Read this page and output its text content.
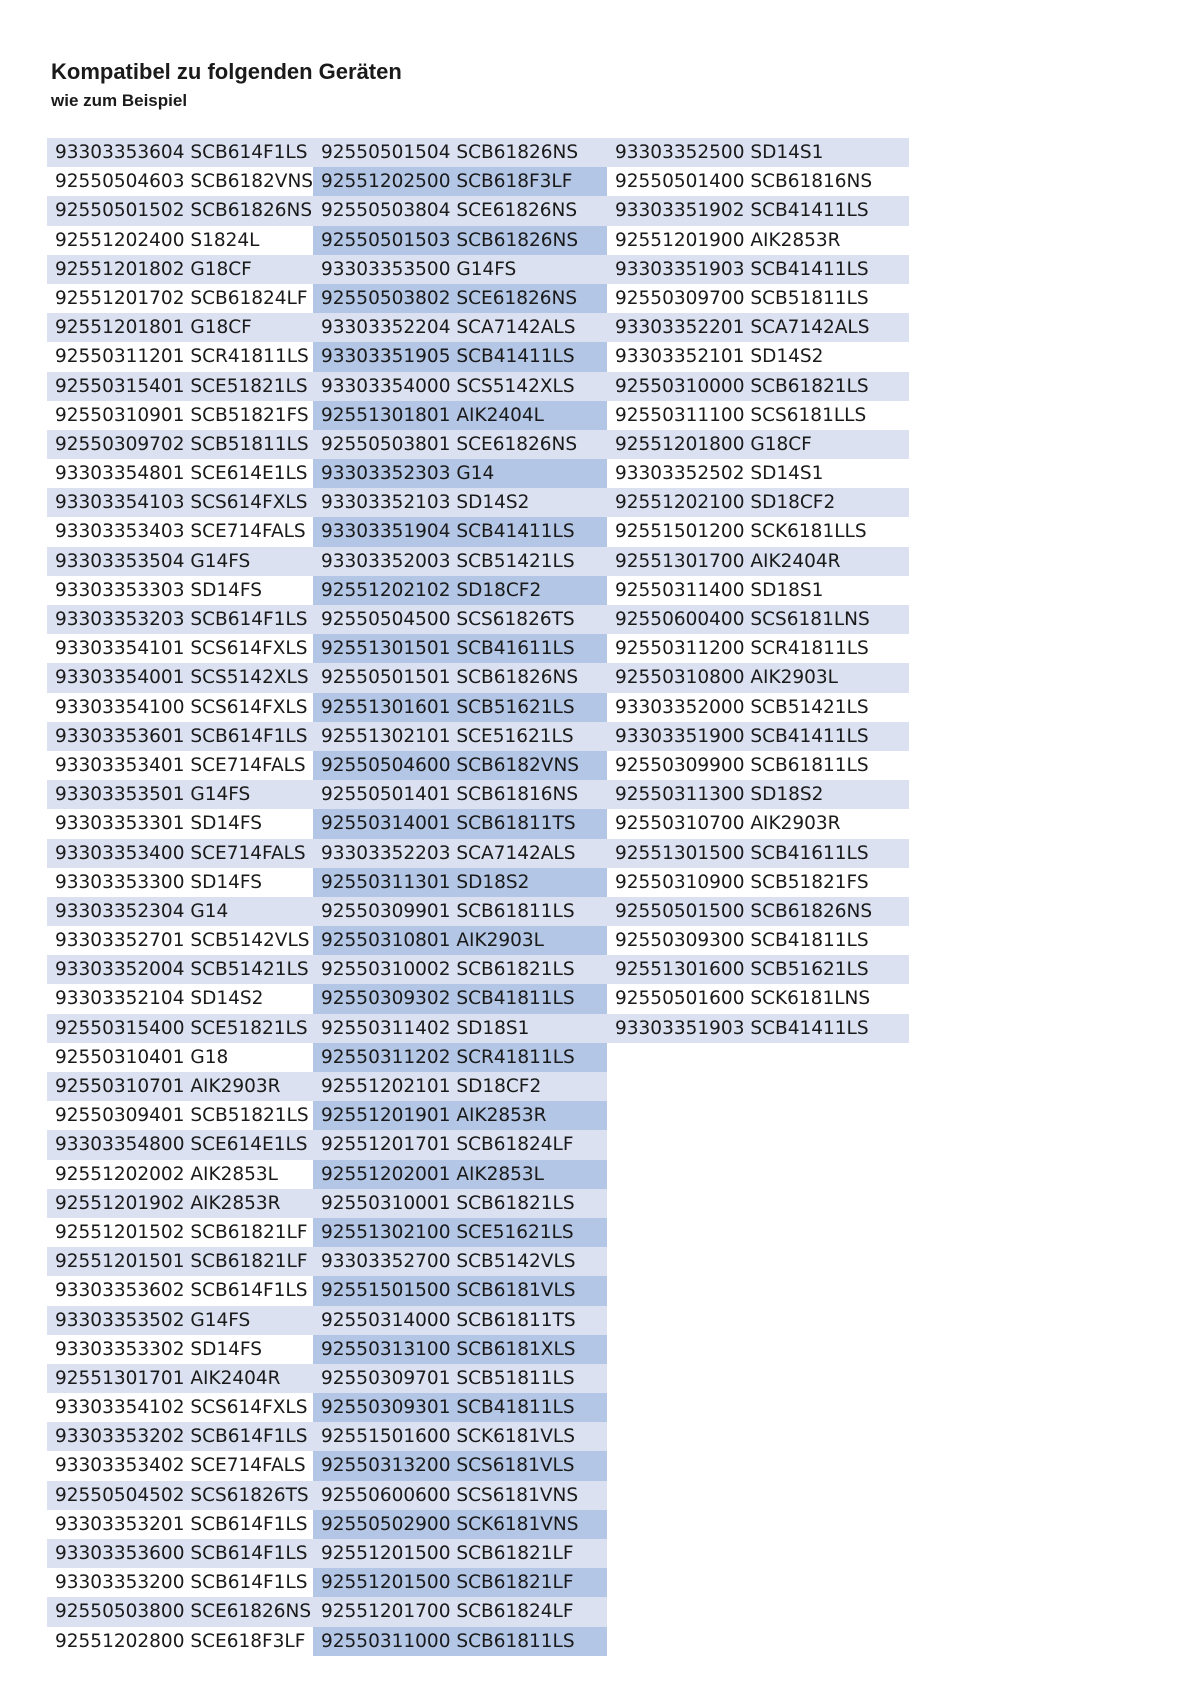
Kompatibel zu folgenden Geräten
wie zum Beispiel
93303353604 SCB614F1LS
92550504603 SCB6182VNS
92550501502 SCB61826NS
92551202400 S1824L
92551201802 G18CF
92551201702 SCB61824LF
92551201801 G18CF
92550311201 SCR41811LS
92550315401 SCE51821LS
92550310901 SCB51821FS
92550309702 SCB51811LS
93303354801 SCE614E1LS
93303354103 SCS614FXLS
93303353403 SCE714FALS
93303353504 G14FS
93303353303 SD14FS
93303353203 SCB614F1LS
93303354101 SCS614FXLS
93303354001 SCS5142XLS
93303354100 SCS614FXLS
93303353601 SCB614F1LS
93303353401 SCE714FALS
93303353501 G14FS
93303353301 SD14FS
93303353400 SCE714FALS
93303353300 SD14FS
93303352304 G14
93303352701 SCB5142VLS
93303352004 SCB51421LS
93303352104 SD14S2
92550315400 SCE51821LS
92550310401 G18
92550310701 AIK2903R
92550309401 SCB51821LS
93303354800 SCE614E1LS
92551202002 AIK2853L
92551201902 AIK2853R
92551201502 SCB61821LF
92551201501 SCB61821LF
93303353602 SCB614F1LS
93303353502 G14FS
93303353302 SD14FS
92551301701 AIK2404R
93303354102 SCS614FXLS
93303353202 SCB614F1LS
93303353402 SCE714FALS
92550504502 SCS61826TS
93303353201 SCB614F1LS
93303353600 SCB614F1LS
93303353200 SCB614F1LS
92550503800 SCE61826NS
92551202800 SCE618F3LF
92550501504 SCB61826NS
92551202500 SCB618F3LF
92550503804 SCE61826NS
92550501503 SCB61826NS
93303353500 G14FS
92550503802 SCE61826NS
93303352204 SCA7142ALS
93303351905 SCB41411LS
93303354000 SCS5142XLS
92551301801 AIK2404L
92550503801 SCE61826NS
93303352303 G14
93303352103 SD14S2
93303351904 SCB41411LS
93303352003 SCB51421LS
92551202102 SD18CF2
92550504500 SCS61826TS
92551301501 SCB41611LS
92550501501 SCB61826NS
92551301601 SCB51621LS
92551302101 SCE51621LS
92550504600 SCB6182VNS
92550501401 SCB61816NS
92550314001 SCB61811TS
93303352203 SCA7142ALS
92550311301 SD18S2
92550309901 SCB61811LS
92550310801 AIK2903L
92550310002 SCB61821LS
92550309302 SCB41811LS
92550311402 SD18S1
92550311202 SCR41811LS
92551202101 SD18CF2
92551201901 AIK2853R
92551201701 SCB61824LF
92551202001 AIK2853L
92550310001 SCB61821LS
92551302100 SCE51621LS
93303352700 SCB5142VLS
92551501500 SCB6181VLS
92550314000 SCB61811TS
92550313100 SCB6181XLS
92550309701 SCB51811LS
92550309301 SCB41811LS
92551501600 SCK6181VLS
92550313200 SCS6181VLS
92550600600 SCS6181VNS
92550502900 SCK6181VNS
92551201500 SCB61821LF
92551201500 SCB61821LF
92551201700 SCB61824LF
92550311000 SCB61811LS
93303352500 SD14S1
92550501400 SCB61816NS
93303351902 SCB41411LS
92551201900 AIK2853R
93303351903 SCB41411LS
92550309700 SCB51811LS
93303352201 SCA7142ALS
93303352101 SD14S2
92550310000 SCB61821LS
92550311100 SCS6181LLS
92551201800 G18CF
93303352502 SD14S1
92551202100 SD18CF2
92551501200 SCK6181LLS
92551301700 AIK2404R
92550311400 SD18S1
92550600400 SCS6181LNS
92550311200 SCR41811LS
92550310800 AIK2903L
93303352000 SCB51421LS
93303351900 SCB41411LS
92550309900 SCB61811LS
92550311300 SD18S2
92550310700 AIK2903R
92551301500 SCB41611LS
92550310900 SCB51821FS
92550501500 SCB61826NS
92550309300 SCB41811LS
92551301600 SCB51621LS
92550501600 SCK6181LNS
93303351903 SCB41411LS
